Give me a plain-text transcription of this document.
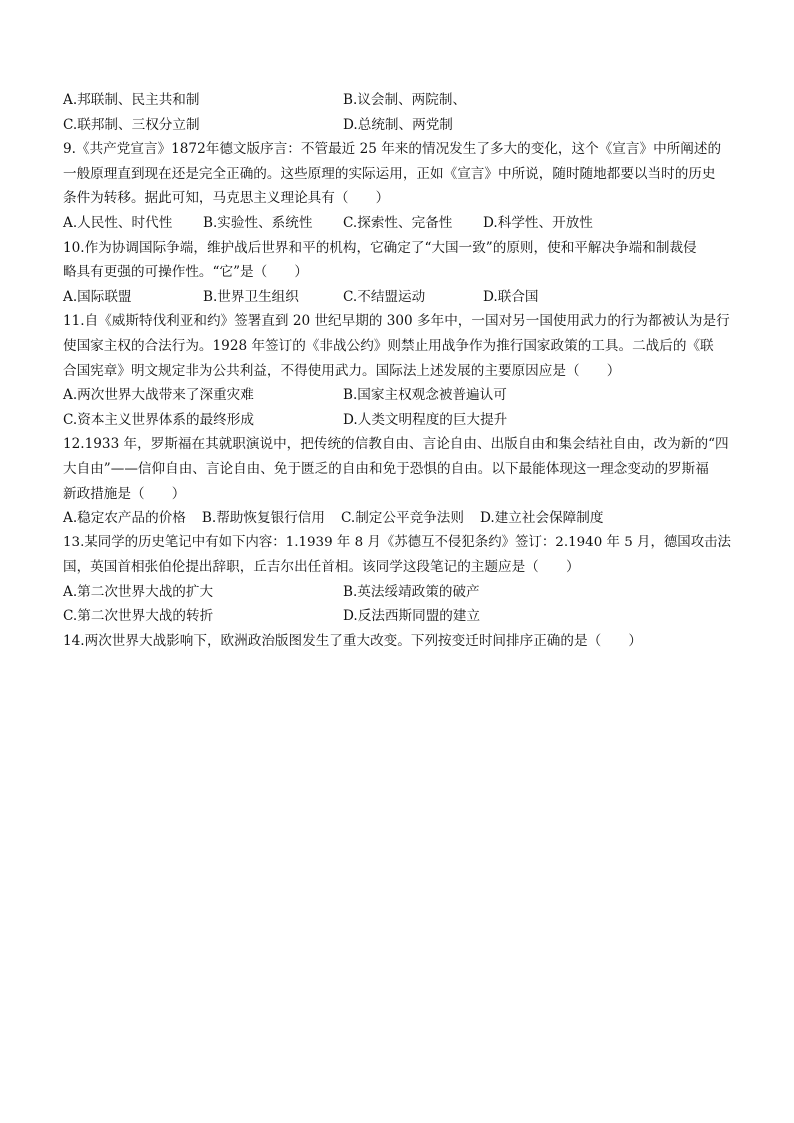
A.邦联制、民主共和制	B.议会制、两院制、
C.联邦制、三权分立制	D.总统制、两党制
9.《共产党宣言》1872年德文版序言：不管最近 25 年来的情况发生了多大的变化，这个《宣言》中所阐述的
一般原理直到现在还是完全正确的。这些原理的实际运用，正如《宣言》中所说，随时随地都要以当时的历史
条件为转移。据此可知，马克思主义理论具有（　　）
A.人民性、时代性	B.实验性、系统性	C.探索性、完备性	D.科学性、开放性
10.作为协调国际争端，维护战后世界和平的机构，它确定了“大国一致”的原则，使和平解决争端和制裁侵
略具有更强的可操作性。“它”是（　　）
A.国际联盟	B.世界卫生组织	C.不结盟运动	D.联合国
11.自《威斯特伐利亚和约》签署直到 20 世纪早期的 300 多年中，一国对另一国使用武力的行为都被认为是行
使国家主权的合法行为。1928 年签订的《非战公约》则禁止用战争作为推行国家政策的工具。二战后的《联
合国宪章》明文规定非为公共利益，不得使用武力。国际法上述发展的主要原因应是（　　）
A.两次世界大战带来了深重灾难	B.国家主权观念被普遍认可
C.资本主义世界体系的最终形成	D.人类文明程度的巨大提升
12.1933 年，罗斯福在其就职演说中，把传统的信教自由、言论自由、出版自由和集会结社自由，改为新的“四
大自由”——信仰自由、言论自由、免于匮乏的自由和免于恐惧的自由。以下最能体现这一理念变动的罗斯福
新政措施是（　　）
A.稳定农产品的价格 B.帮助恢复银行信用 C.制定公平竞争法则 D.建立社会保障制度
13.某同学的历史笔记中有如下内容：1.1939 年 8 月《苏德互不侵犯条约》签订：2.1940 年 5 月，德国攻击法
国，英国首相张伯伦提出辞职，丘吉尔出任首相。该同学这段笔记的主题应是（　　）
A.第二次世界大战的扩大	B.英法绥靖政策的破产
C.第二次世界大战的转折	D.反法西斯同盟的建立
14.两次世界大战影响下，欧洲政治版图发生了重大改变。下列按变迁时间排序正确的是（　　）
